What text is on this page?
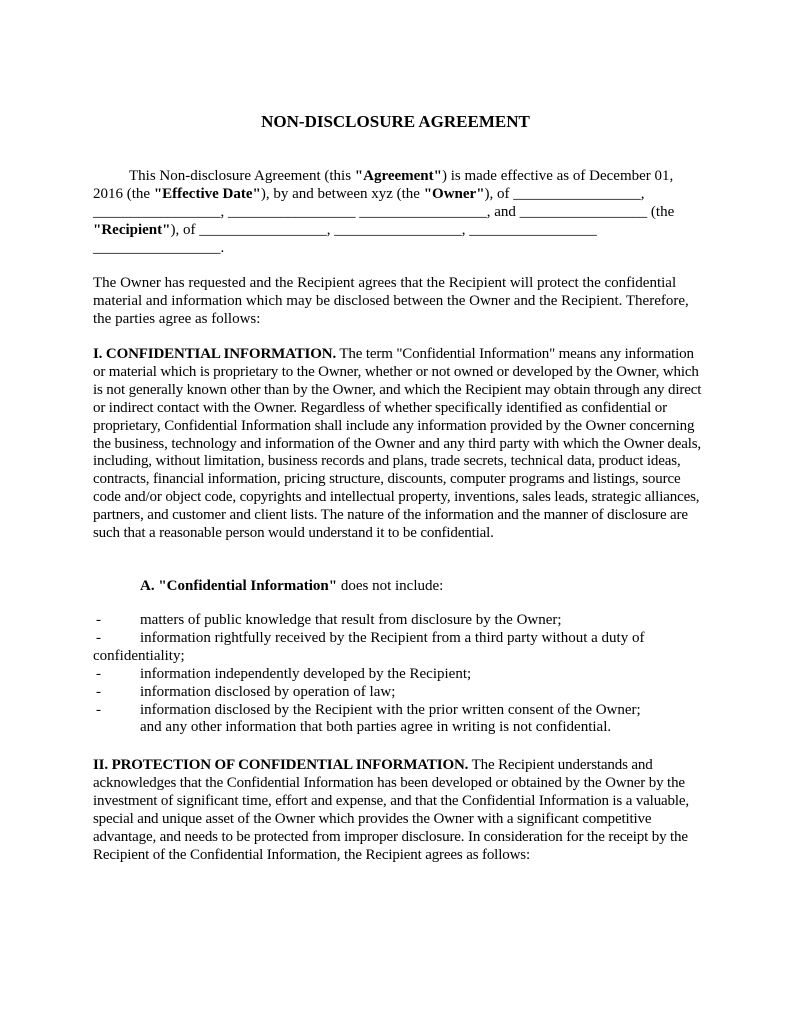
NON-DISCLOSURE AGREEMENT
This Non-disclosure Agreement (this "Agreement") is made effective as of December 01, 2016 (the "Effective Date"), by and between xyz (the "Owner"), of _________________, _________________, _________________ _________________, and _________________ (the "Recipient"), of _________________, _________________, _________________ _________________.
The Owner has requested and the Recipient agrees that the Recipient will protect the confidential material and information which may be disclosed between the Owner and the Recipient. Therefore, the parties agree as follows:
I. CONFIDENTIAL INFORMATION. The term "Confidential Information" means any information or material which is proprietary to the Owner, whether or not owned or developed by the Owner, which is not generally known other than by the Owner, and which the Recipient may obtain through any direct or indirect contact with the Owner. Regardless of whether specifically identified as confidential or proprietary, Confidential Information shall include any information provided by the Owner concerning the business, technology and information of the Owner and any third party with which the Owner deals, including, without limitation, business records and plans, trade secrets, technical data, product ideas, contracts, financial information, pricing structure, discounts, computer programs and listings, source code and/or object code, copyrights and intellectual property, inventions, sales leads, strategic alliances, partners, and customer and client lists. The nature of the information and the manner of disclosure are such that a reasonable person would understand it to be confidential.
A. "Confidential Information" does not include:
-	matters of public knowledge that result from disclosure by the Owner;
-	information rightfully received by the Recipient from a third party without a duty of
confidentiality;
-	information independently developed by the Recipient;
-	information disclosed by operation of law;
-	information disclosed by the Recipient with the prior written consent of the Owner;
and any other information that both parties agree in writing is not confidential.
II. PROTECTION OF CONFIDENTIAL INFORMATION. The Recipient understands and acknowledges that the Confidential Information has been developed or obtained by the Owner by the investment of significant time, effort and expense, and that the Confidential Information is a valuable, special and unique asset of the Owner which provides the Owner with a significant competitive advantage, and needs to be protected from improper disclosure. In consideration for the receipt by the Recipient of the Confidential Information, the Recipient agrees as follows:
